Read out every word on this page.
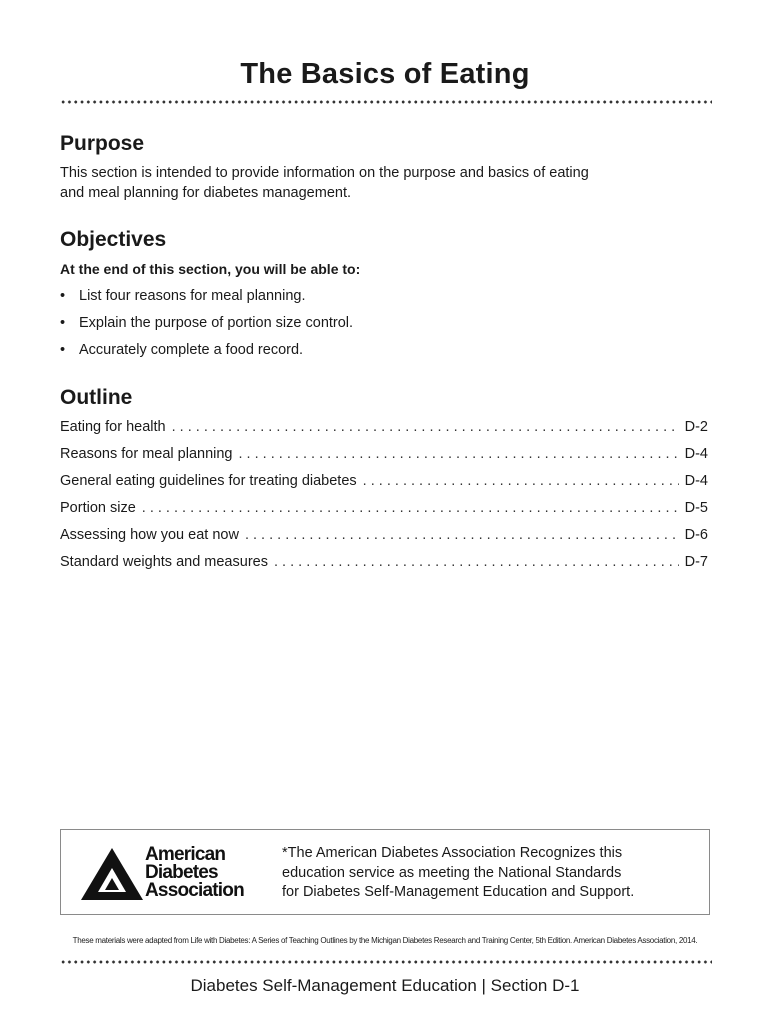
The Basics of Eating
Purpose
This section is intended to provide information on the purpose and basics of eating
and meal planning for diabetes management.
Objectives
At the end of this section, you will be able to:
• List four reasons for meal planning.
• Explain the purpose of portion size control.
• Accurately complete a food record.
Outline
Eating for health . . .	D-2
Reasons for meal planning . . .	D-4
General eating guidelines for treating diabetes . . .	D-4
Portion size . . .	D-5
Assessing how you eat now . . .	D-6
Standard weights and measures . . .	D-7
American
Diabetes
Association
*The American Diabetes Association Recognizes this
education service as meeting the National Standards
for Diabetes Self-Management Education and Support.
These materials were adapted from Life with Diabetes: A Series of Teaching Outlines by the Michigan Diabetes Research and Training Center, 5th Edition. American Diabetes Association, 2014.
Diabetes Self-Management Education | Section D-1
